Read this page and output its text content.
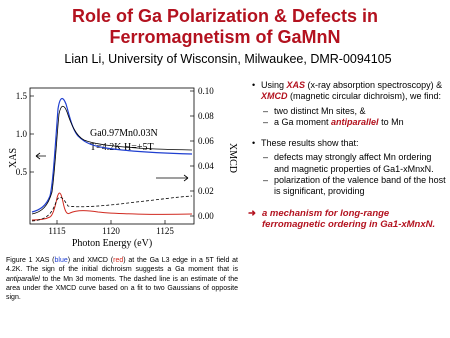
Role of Ga Polarization & Defects in
Ferromagnetism of GaMnN
Lian Li, University of Wisconsin, Milwaukee, DMR-0094105
1.5
1.0
0.5
0.10
0.08
0.06
0.04
0.02
0.00
1115	1120	1125
Photon Energy (eV)
XAS	XMCD
Ga0.97Mn0.03N
T=4.2K H=+5T
Figure 1 XAS (blue) and XMCD (red) at the Ga L3 edge in a 5T field at 4.2K. The sign of the initial dichroism suggests a Ga moment that is antiparallel to the Mn 3d moments. The dashed line is an estimate of the area under the XMCD curve based on a fit to two Gaussians of opposite sign.
• Using XAS (x-ray absorption spectroscopy) & XMCD (magnetic circular dichroism), we find:
– two distinct Mn sites, &
– a Ga moment antiparallel to Mn
• These results show that:
– defects may strongly affect Mn ordering and magnetic properties of Ga1-xMnxN.
– polarization of the valence band of the host is significant, providing
➜ a mechanism for long-range ferromagnetic ordering in Ga1-xMnxN.
